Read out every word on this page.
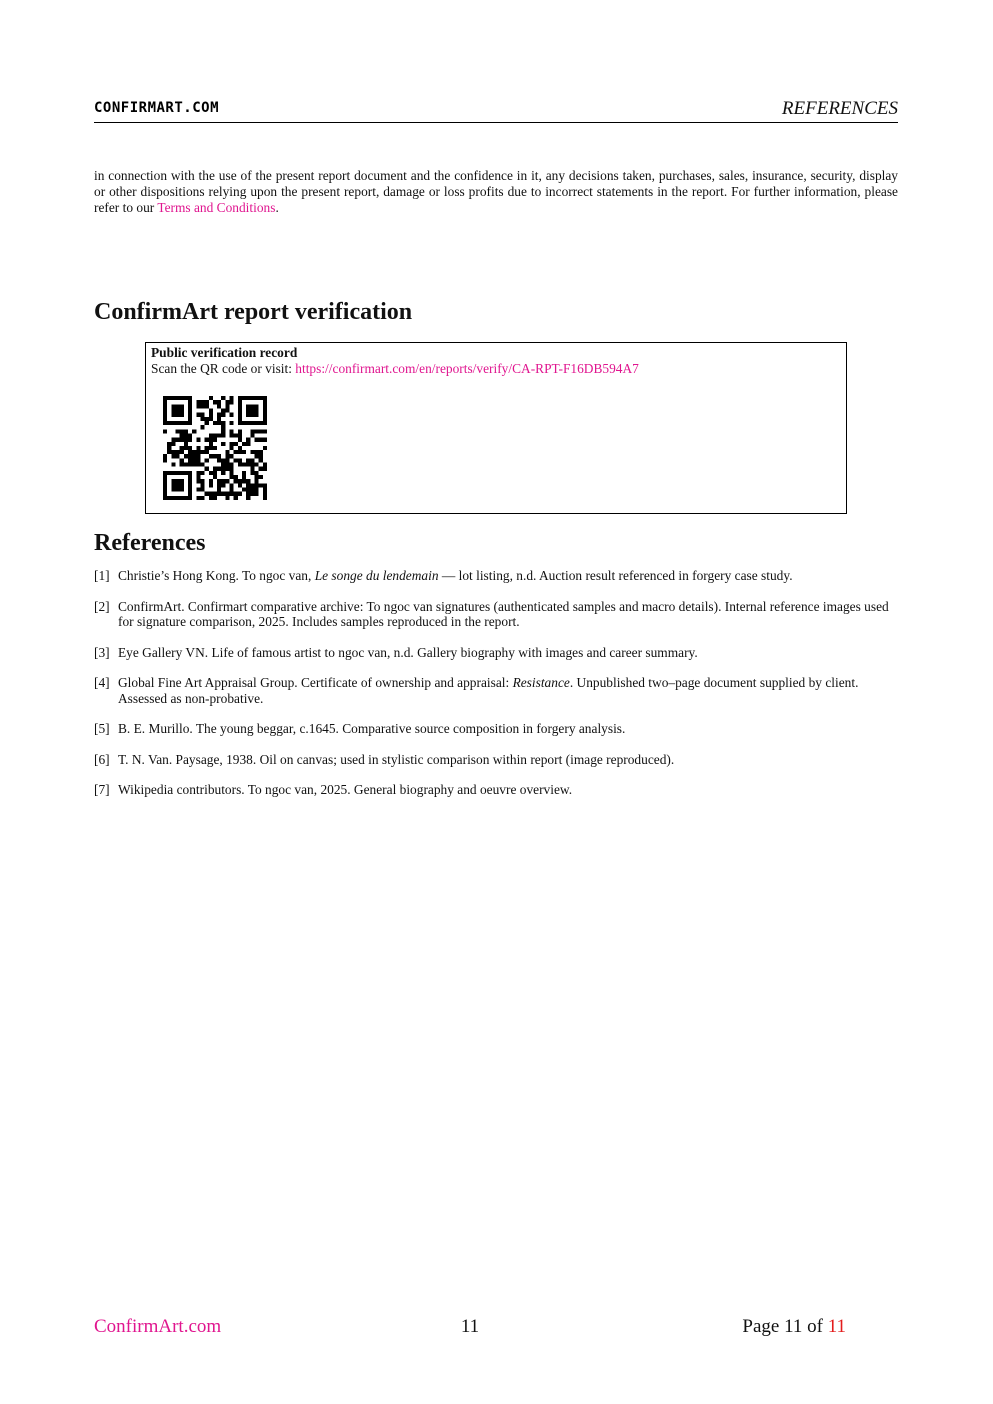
CONFIRMART.COM	REFERENCES

in connection with the use of the present report document and the confidence in it, any decisions taken, purchases, sales, insurance, security, display or other dispositions relying upon the present report, damage or loss profits due to incorrect statements in the report. For further information, please refer to our Terms and Conditions.

ConfirmArt report verification
Public verification record
Scan the QR code or visit: https://confirmart.com/en/reports/verify/CA-RPT-F16DB594A7
References
[1] Christie’s Hong Kong. To ngoc van, Le songe du lendemain — lot listing, n.d. Auction result referenced in forgery case study.
[2] ConfirmArt. Confirmart comparative archive: To ngoc van signatures (authenticated samples and macro details). Internal reference images used for signature comparison, 2025. Includes samples reproduced in the report.
[3] Eye Gallery VN. Life of famous artist to ngoc van, n.d. Gallery biography with images and career summary.
[4] Global Fine Art Appraisal Group. Certificate of ownership and appraisal: Resistance. Unpublished two–page document supplied by client. Assessed as non-probative.
[5] B. E. Murillo. The young beggar, c.1645. Comparative source composition in forgery analysis.
[6] T. N. Van. Paysage, 1938. Oil on canvas; used in stylistic comparison within report (image reproduced).
[7] Wikipedia contributors. To ngoc van, 2025. General biography and oeuvre overview.
ConfirmArt.com	11	Page 11 of 11
